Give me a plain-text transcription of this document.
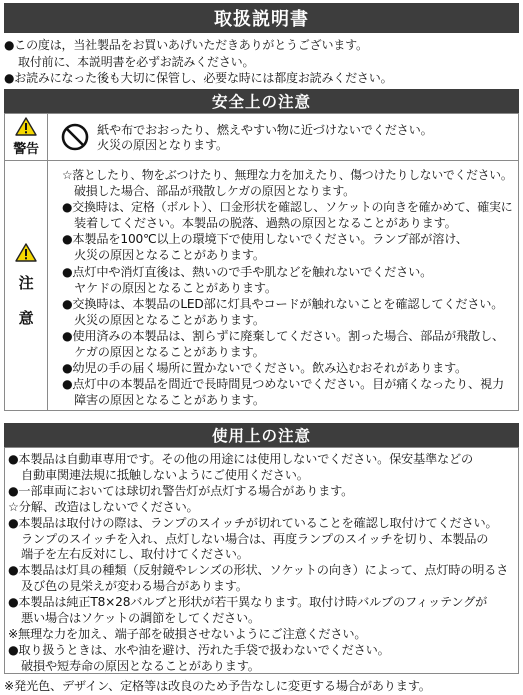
取扱説明書

●この度は，当社製品をお買いあげいただきありがとうございます。

取付前に、本説明書を必ずお読みください。

●お読みになった後も大切に保管し、必要な時には都度お読みください。

安全上の注意
警告

紙や布でおおったり、燃えやすい物に近づけないでください。

火災の原因となります。

注
意

☆落としたり、物をぶつけたり、無理な力を加えたり、傷つけたりしないでください。

破損した場合、部品が飛散しケガの原因となります。

●交換時は、定格（ボルト）、口金形状を確認し、ソケットの向きを確かめて、確実に

装着してください。本製品の脱落、過熱の原因となることがあります。

●本製品を100℃以上の環境下で使用しないでください。ランプ部が溶け、

火災の原因となることがあります。

●点灯中や消灯直後は、熱いので手や肌などを触れないでください。

ヤケドの原因となることがあります。

●交換時は、本製品のLED部に灯具やコードが触れないことを確認してください。

火災の原因となることがあります。

●使用済みの本製品は、割らずに廃棄してください。割った場合、部品が飛散し、

ケガの原因となることがあります。

●幼児の手の届く場所に置かないでください。飲み込むおそれがあります。

●点灯中の本製品を間近で長時間見つめないでください。目が痛くなったり、視力

障害の原因となることがあります。

使用上の注意

●本製品は自動車専用です。その他の用途には使用しないでください。保安基準などの

自動車関連法規に抵触しないようにご使用ください。

●一部車両においては球切れ警告灯が点灯する場合があります。

☆分解、改造はしないでください。

●本製品は取付けの際は、ランプのスイッチが切れていることを確認し取付けてください。

ランプのスイッチを入れ、点灯しない場合は、再度ランプのスイッチを切り、本製品の

端子を左右反対にし、取付けてください。

●本製品は灯具の種類（反射鏡やレンズの形状、ソケットの向き）によって、点灯時の明るさ

及び色の見栄えが変わる場合があります。

●本製品は純正T8×28バルブと形状が若干異なります。取付け時バルブのフィッテングが

悪い場合はソケットの調節をしてください。

※無理な力を加え、端子部を破損させないようにご注意ください。

●取り扱うときは、水や油を避け、汚れた手袋で扱わないでください。

破損や短寿命の原因となることがあります。

※発光色、デザイン、定格等は改良のため予告なしに変更する場合があります。
